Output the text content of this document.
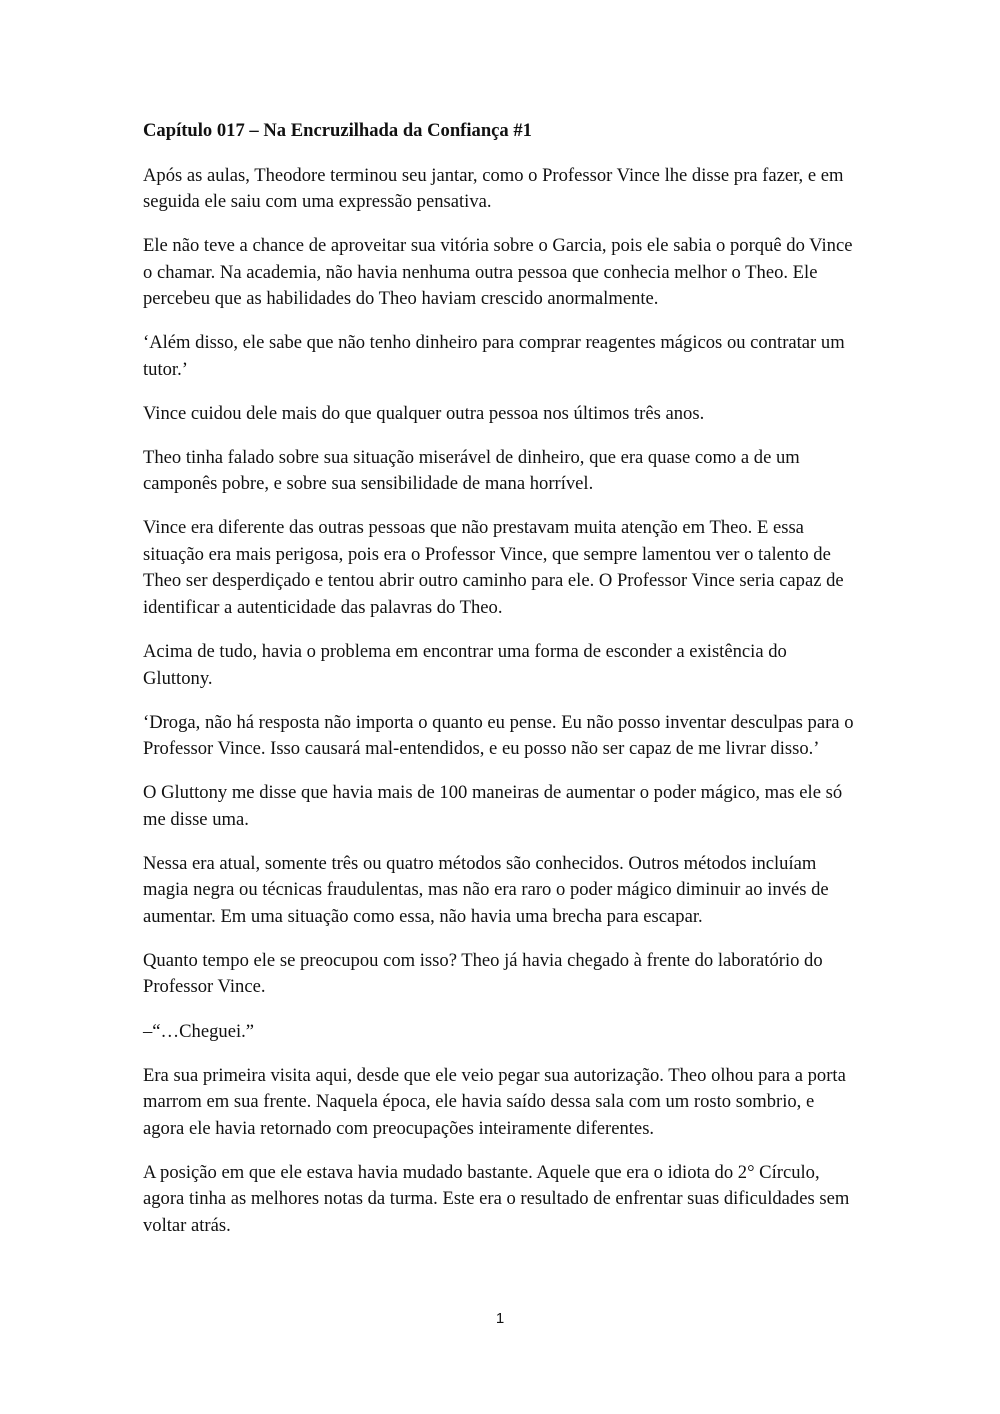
Capítulo 017 – Na Encruzilhada da Confiança #1

Após as aulas, Theodore terminou seu jantar, como o Professor Vince lhe disse pra fazer, e em seguida ele saiu com uma expressão pensativa.

Ele não teve a chance de aproveitar sua vitória sobre o Garcia, pois ele sabia o porquê do Vince o chamar. Na academia, não havia nenhuma outra pessoa que conhecia melhor o Theo. Ele percebeu que as habilidades do Theo haviam crescido anormalmente.

‘Além disso, ele sabe que não tenho dinheiro para comprar reagentes mágicos ou contratar um tutor.’

Vince cuidou dele mais do que qualquer outra pessoa nos últimos três anos.

Theo tinha falado sobre sua situação miserável de dinheiro, que era quase como a de um camponês pobre, e sobre sua sensibilidade de mana horrível.

Vince era diferente das outras pessoas que não prestavam muita atenção em Theo. E essa situação era mais perigosa, pois era o Professor Vince, que sempre lamentou ver o talento de Theo ser desperdiçado e tentou abrir outro caminho para ele. O Professor Vince seria capaz de identificar a autenticidade das palavras do Theo.

Acima de tudo, havia o problema em encontrar uma forma de esconder a existência do Gluttony.

‘Droga, não há resposta não importa o quanto eu pense. Eu não posso inventar desculpas para o Professor Vince. Isso causará mal-entendidos, e eu posso não ser capaz de me livrar disso.’

O Gluttony me disse que havia mais de 100 maneiras de aumentar o poder mágico, mas ele só me disse uma.

Nessa era atual, somente três ou quatro métodos são conhecidos. Outros métodos incluíam magia negra ou técnicas fraudulentas, mas não era raro o poder mágico diminuir ao invés de aumentar. Em uma situação como essa, não havia uma brecha para escapar.

Quanto tempo ele se preocupou com isso? Theo já havia chegado à frente do laboratório do Professor Vince.

–“…Cheguei.”

Era sua primeira visita aqui, desde que ele veio pegar sua autorização. Theo olhou para a porta marrom em sua frente. Naquela época, ele havia saído dessa sala com um rosto sombrio, e agora ele havia retornado com preocupações inteiramente diferentes.

A posição em que ele estava havia mudado bastante. Aquele que era o idiota do 2° Círculo, agora tinha as melhores notas da turma. Este era o resultado de enfrentar suas dificuldades sem voltar atrás.

1
